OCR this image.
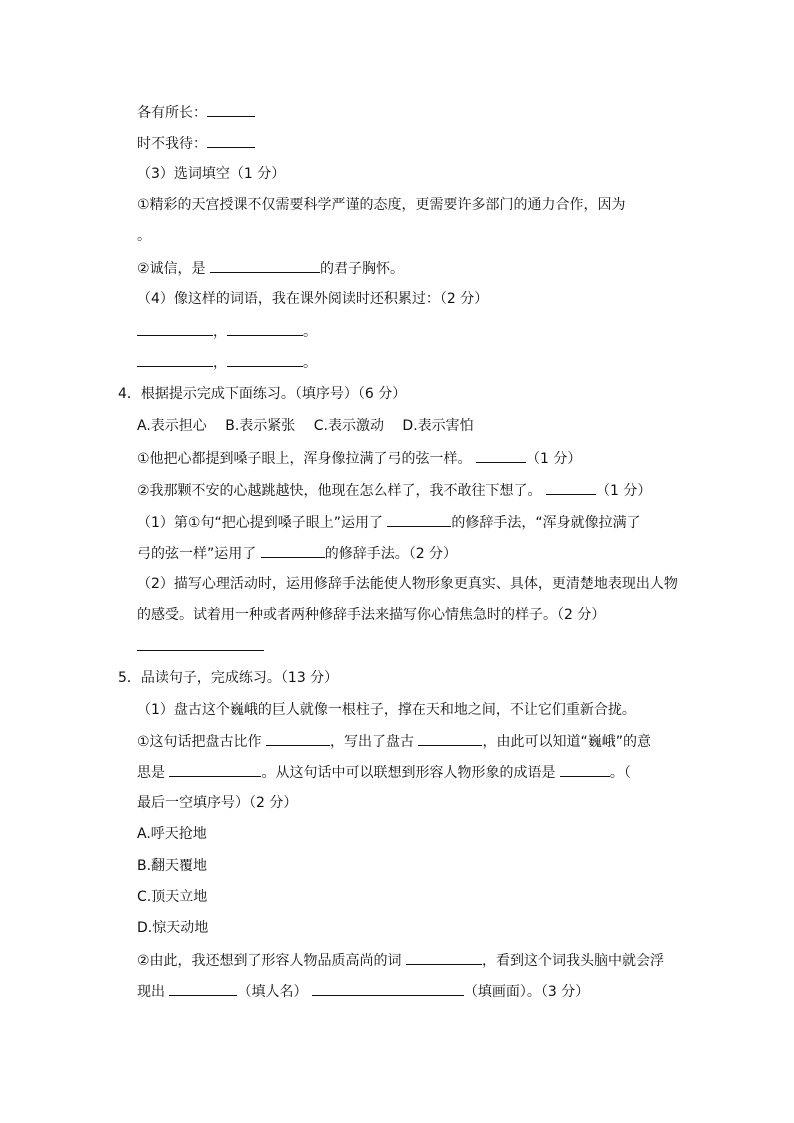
各有所长：
时不我待：
（3）选词填空（1 分）
①精彩的天宫授课不仅需要科学严谨的态度，更需要许多部门的通力合作，因为
。
②诚信，是	的君子胸怀。
（4）像这样的词语，我在课外阅读时还积累过：（2 分）
，	。
，	。
4．根据提示完成下面练习。（填序号）（6 分）
A.表示担心　 B.表示紧张　 C.表示激动　 D.表示害怕
①他把心都提到嗓子眼上，浑身像拉满了弓的弦一样。	（1 分）
②我那颗不安的心越跳越快，他现在怎么样了，我不敢往下想了。	（1 分）
（1）第①句“把心提到嗓子眼上”运用了	的修辞手法，“浑身就像拉满了
弓的弦一样”运用了	的修辞手法。（2 分）
（2）描写心理活动时，运用修辞手法能使人物形象更真实、具体，更清楚地表现出人物
的感受。试着用一种或者两种修辞手法来描写你心情焦急时的样子。（2 分）
5．品读句子，完成练习。（13 分）
（1）盘古这个巍峨的巨人就像一根柱子，撑在天和地之间，不让它们重新合拢。
①这句话把盘古比作	，写出了盘古	，由此可以知道“巍峨”的意
思是	。从这句话中可以联想到形容人物形象的成语是	。（
最后一空填序号）（2 分）
A.呼天抢地
B.翻天覆地
C.顶天立地
D.惊天动地
②由此，我还想到了形容人物品质高尚的词	，看到这个词我头脑中就会浮
现出	（填人名）	（填画面）。（3 分）
